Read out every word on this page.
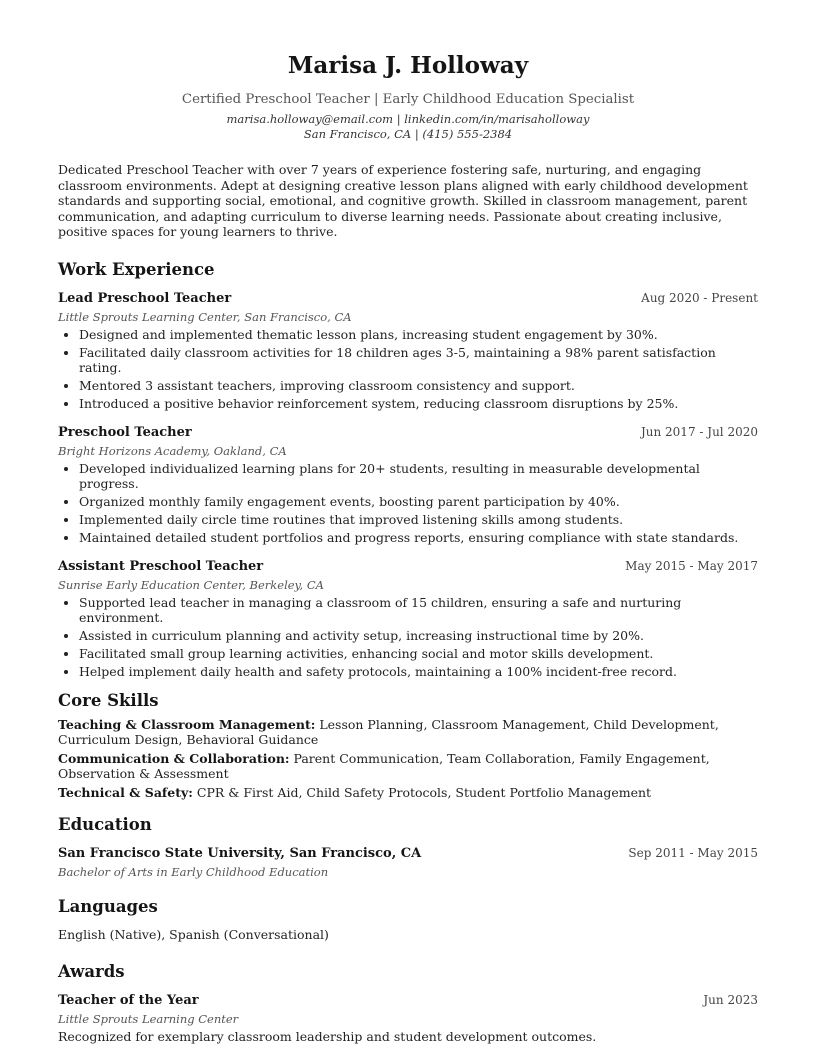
Marisa J. Holloway
Certified Preschool Teacher | Early Childhood Education Specialist
marisa.holloway@email.com | linkedin.com/in/marisaholloway
San Francisco, CA | (415) 555-2384

Dedicated Preschool Teacher with over 7 years of experience fostering safe, nurturing, and engaging classroom environments. Adept at designing creative lesson plans aligned with early childhood development standards and supporting social, emotional, and cognitive growth. Skilled in classroom management, parent communication, and adapting curriculum to diverse learning needs. Passionate about creating inclusive, positive spaces for young learners to thrive.

Work Experience
Lead Preschool Teacher	Aug 2020 - Present
Little Sprouts Learning Center, San Francisco, CA
• Designed and implemented thematic lesson plans, increasing student engagement by 30%.
• Facilitated daily classroom activities for 18 children ages 3-5, maintaining a 98% parent satisfaction rating.
• Mentored 3 assistant teachers, improving classroom consistency and support.
• Introduced a positive behavior reinforcement system, reducing classroom disruptions by 25%.
Preschool Teacher	Jun 2017 - Jul 2020
Bright Horizons Academy, Oakland, CA
• Developed individualized learning plans for 20+ students, resulting in measurable developmental progress.
• Organized monthly family engagement events, boosting parent participation by 40%.
• Implemented daily circle time routines that improved listening skills among students.
• Maintained detailed student portfolios and progress reports, ensuring compliance with state standards.
Assistant Preschool Teacher	May 2015 - May 2017
Sunrise Early Education Center, Berkeley, CA
• Supported lead teacher in managing a classroom of 15 children, ensuring a safe and nurturing environment.
• Assisted in curriculum planning and activity setup, increasing instructional time by 20%.
• Facilitated small group learning activities, enhancing social and motor skills development.
• Helped implement daily health and safety protocols, maintaining a 100% incident-free record.
Core Skills
Teaching & Classroom Management: Lesson Planning, Classroom Management, Child Development, Curriculum Design, Behavioral Guidance
Communication & Collaboration: Parent Communication, Team Collaboration, Family Engagement, Observation & Assessment
Technical & Safety: CPR & First Aid, Child Safety Protocols, Student Portfolio Management
Education
San Francisco State University, San Francisco, CA	Sep 2011 - May 2015
Bachelor of Arts in Early Childhood Education
Languages
English (Native), Spanish (Conversational)
Awards
Teacher of the Year	Jun 2023
Little Sprouts Learning Center
Recognized for exemplary classroom leadership and student development outcomes.
